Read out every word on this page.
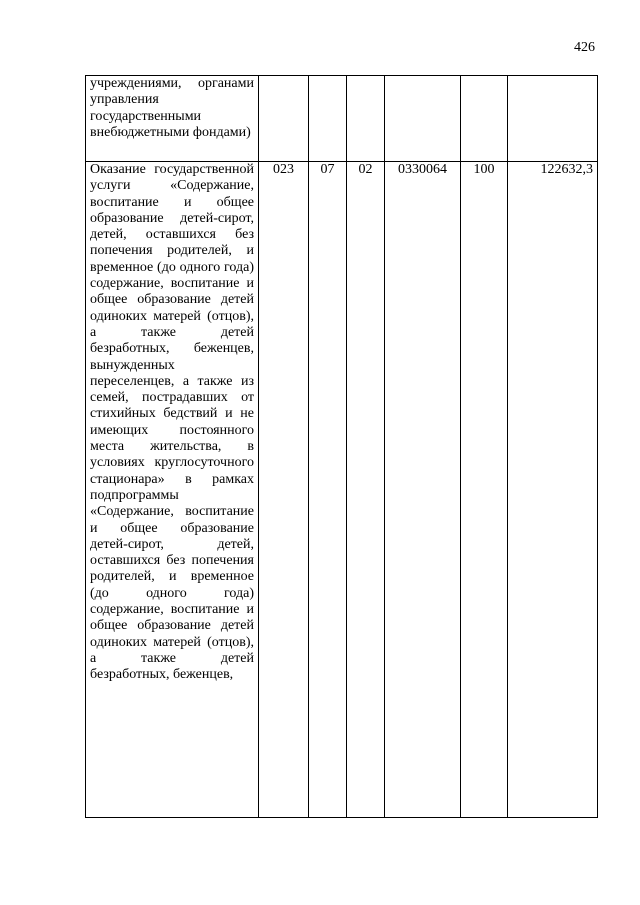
426
учреждениями, органами управления государственными внебюджетными фондами)						
Оказание государственной услуги «Содержание, воспитание и общее образование детей-сирот, детей, оставшихся без попечения родителей, и временное (до одного года) содержание, воспитание и общее образование детей одиноких матерей (отцов), а также детей безработных, беженцев, вынужденных переселенцев, а также из семей, пострадавших от стихийных бедствий и не имеющих постоянного места жительства, в условиях круглосуточного стационара» в рамках подпрограммы «Содержание, воспитание и общее образование детей-сирот, детей, оставшихся без попечения родителей, и временное (до одного года) содержание, воспитание и общее образование детей одиноких матерей (отцов), а также детей безработных, беженцев,	023	07	02	0330064	100	122632,3
